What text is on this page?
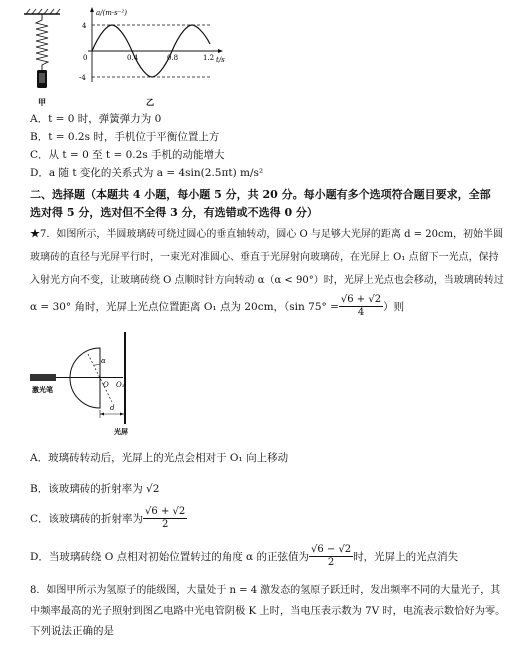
甲
a/(m·s⁻²)
t/s
4
-4
0	0.4	0.8	1.2
乙
A．t = 0 时，弹簧弹力为 0
B．t = 0.2s 时，手机位于平衡位置上方
C．从 t = 0 至 t = 0.2s 手机的动能增大
D．a 随 t 变化的关系式为 a = 4sin(2.5πt) m/s²
二、选择题（本题共 4 小题，每小题 5 分，共 20 分。每小题有多个选项符合题目要求，全部
选对得 5 分，选对但不全得 3 分，有选错或不选得 0 分）
★7．如图所示，半圆玻璃砖可绕过圆心的垂直轴转动，圆心 O 与足够大光屏的距离 d = 20cm，初始半圆
玻璃砖的直径与光屏平行时，一束光对准圆心、垂直于光屏射向玻璃砖，在光屏上 O₁ 点留下一光点，保持
入射光方向不变，让玻璃砖绕 O 点顺时针方向转动 α（α < 90°）时，光屏上光点也会移动，当玻璃砖转过
α = 30° 角时，光屏上光点位置距离 O₁ 点为 20cm，（sin $75^\circ = \frac{√6 + √2}{4}$ ）则
α
O O₁
d
激光笔
光屏
A．玻璃砖转动后，光屏上的光点会相对于 O₁ 向上移动
B．该玻璃砖的折射率为 √2
C．该玻璃砖的折射率为 $\frac{√6 + √2}{2}$
D．当玻璃砖绕 O 点相对初始位置转过的角度 α 的正弦值为 $\frac{√6 - √2}{2}$ 时，光屏上的光点消失
8．如图甲所示为氢原子的能级图，大量处于 n = 4 激发态的氢原子跃迁时，发出频率不同的大量光子，其
中频率最高的光子照射到图乙电路中光电管阴极 K 上时，当电压表示数为 7V 时，电流表示数恰好为零。
下列说法正确的是
